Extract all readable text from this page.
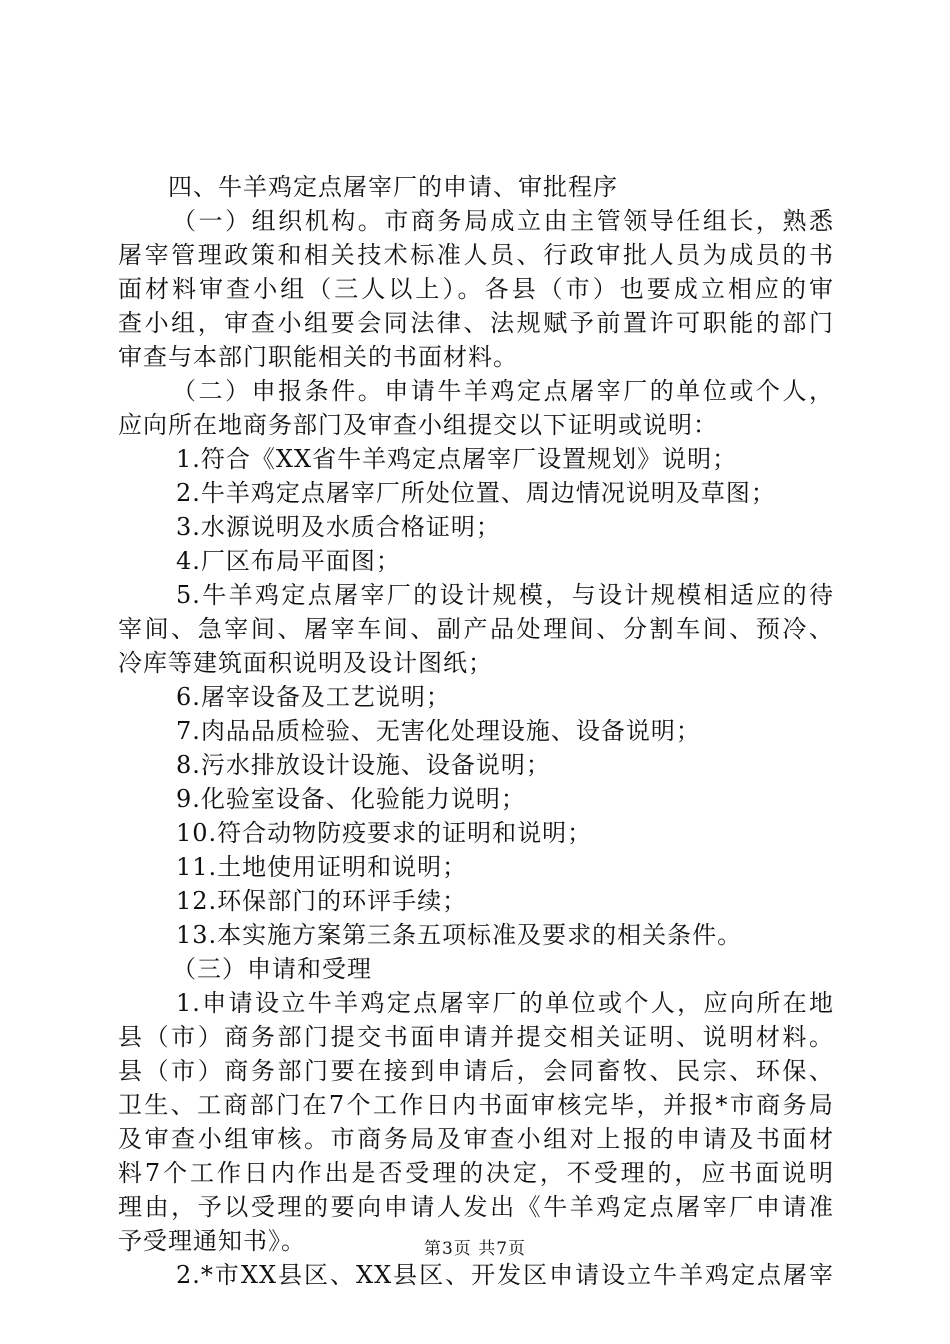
四、牛羊鸡定点屠宰厂的申请、审批程序
（一）组织机构。市商务局成立由主管领导任组长，熟悉
屠宰管理政策和相关技术标准人员、行政审批人员为成员的书
面材料审查小组（三人以上）。各县（市）也要成立相应的审
查小组，审查小组要会同法律、法规赋予前置许可职能的部门
审查与本部门职能相关的书面材料。
（二）申报条件。申请牛羊鸡定点屠宰厂的单位或个人，
应向所在地商务部门及审查小组提交以下证明或说明：
1.符合《XX省牛羊鸡定点屠宰厂设置规划》说明；
2.牛羊鸡定点屠宰厂所处位置、周边情况说明及草图；
3.水源说明及水质合格证明；
4.厂区布局平面图；
5.牛羊鸡定点屠宰厂的设计规模，与设计规模相适应的待
宰间、急宰间、屠宰车间、副产品处理间、分割车间、预冷、
冷库等建筑面积说明及设计图纸；
6.屠宰设备及工艺说明；
7.肉品品质检验、无害化处理设施、设备说明；
8.污水排放设计设施、设备说明；
9.化验室设备、化验能力说明；
10.符合动物防疫要求的证明和说明；
11.土地使用证明和说明；
12.环保部门的环评手续；
13.本实施方案第三条五项标准及要求的相关条件。
（三）申请和受理
1.申请设立牛羊鸡定点屠宰厂的单位或个人，应向所在地
县（市）商务部门提交书面申请并提交相关证明、说明材料。
县（市）商务部门要在接到申请后，会同畜牧、民宗、环保、
卫生、工商部门在7个工作日内书面审核完毕，并报*市商务局
及审查小组审核。市商务局及审查小组对上报的申请及书面材
料7个工作日内作出是否受理的决定，不受理的，应书面说明
理由，予以受理的要向申请人发出《牛羊鸡定点屠宰厂申请准
予受理通知书》。
2.*市XX县区、XX县区、开发区申请设立牛羊鸡定点屠宰
第3页 共7页
